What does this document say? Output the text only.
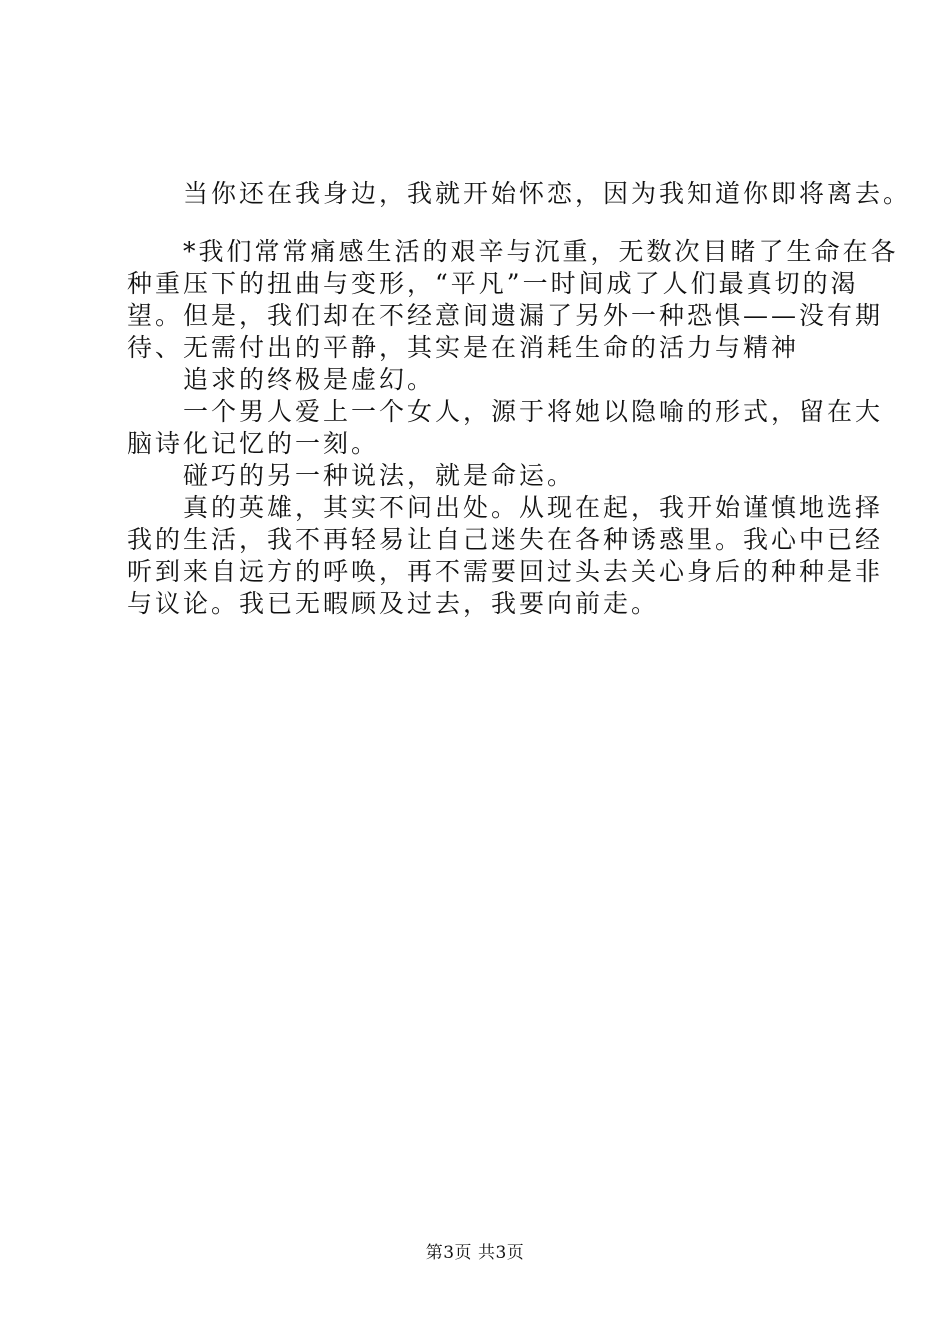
　　当你还在我身边，我就开始怀恋，因为我知道你即将离去。
　　*我们常常痛感生活的艰辛与沉重，无数次目睹了生命在各
种重压下的扭曲与变形，“平凡”一时间成了人们最真切的渴
望。但是，我们却在不经意间遗漏了另外一种恐惧——没有期
待、无需付出的平静，其实是在消耗生命的活力与精神
　　追求的终极是虚幻。
　　一个男人爱上一个女人，源于将她以隐喻的形式，留在大
脑诗化记忆的一刻。
　　碰巧的另一种说法，就是命运。
　　真的英雄，其实不问出处。从现在起，我开始谨慎地选择
我的生活，我不再轻易让自己迷失在各种诱惑里。我心中已经
听到来自远方的呼唤，再不需要回过头去关心身后的种种是非
与议论。我已无暇顾及过去，我要向前走。
第3页 共3页
